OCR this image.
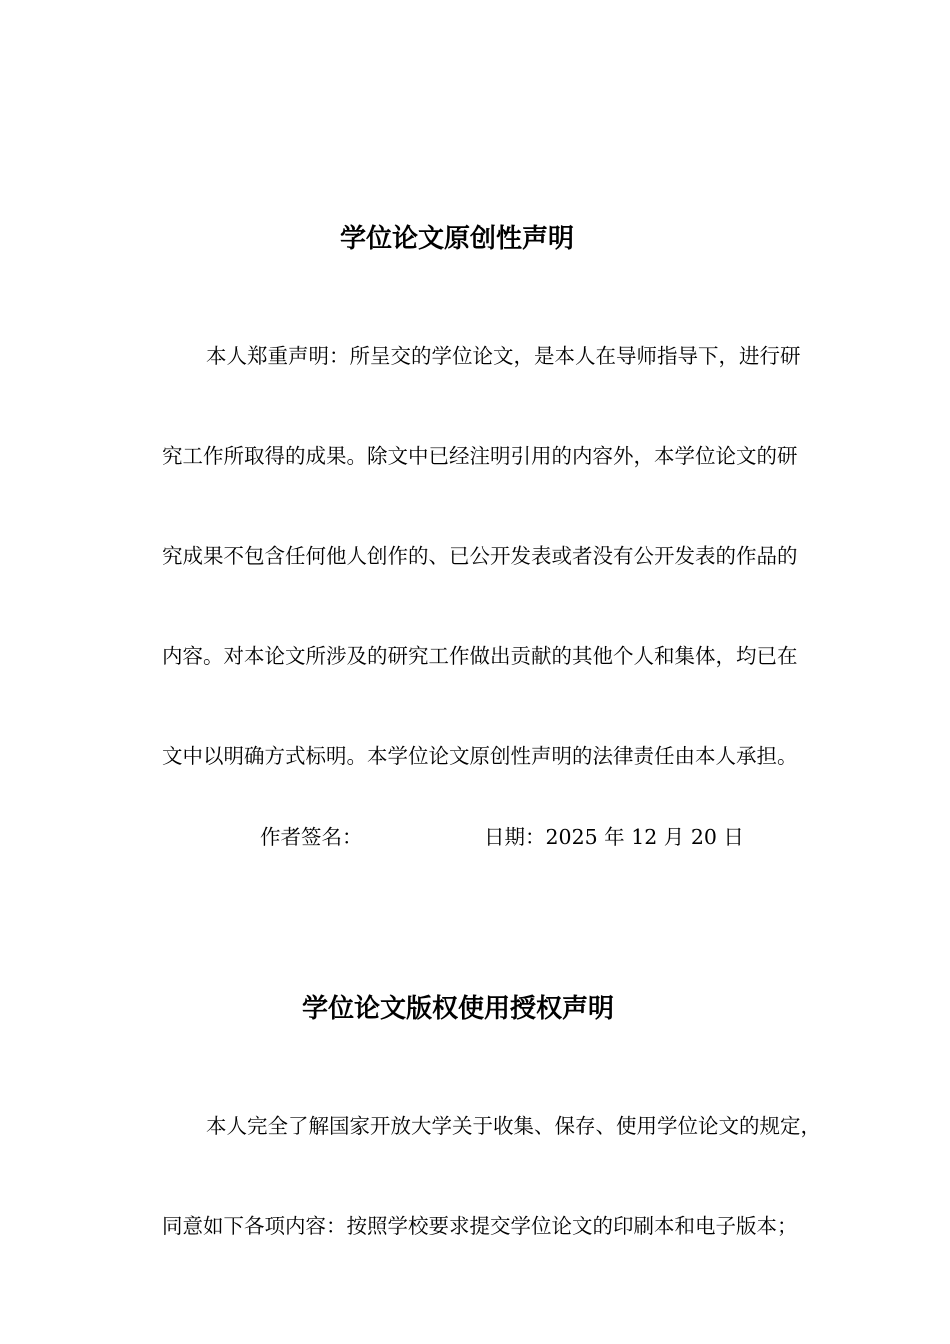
学位论文原创性声明
本人郑重声明：所呈交的学位论文，是本人在导师指导下，进行研
究工作所取得的成果。除文中已经注明引用的内容外，本学位论文的研
究成果不包含任何他人创作的、已公开发表或者没有公开发表的作品的
内容。对本论文所涉及的研究工作做出贡献的其他个人和集体，均已在
文中以明确方式标明。本学位论文原创性声明的法律责任由本人承担。
作者签名：	日期：2025 年 12 月 20 日
学位论文版权使用授权声明
本人完全了解国家开放大学关于收集、保存、使用学位论文的规定，
同意如下各项内容：按照学校要求提交学位论文的印刷本和电子版本；
